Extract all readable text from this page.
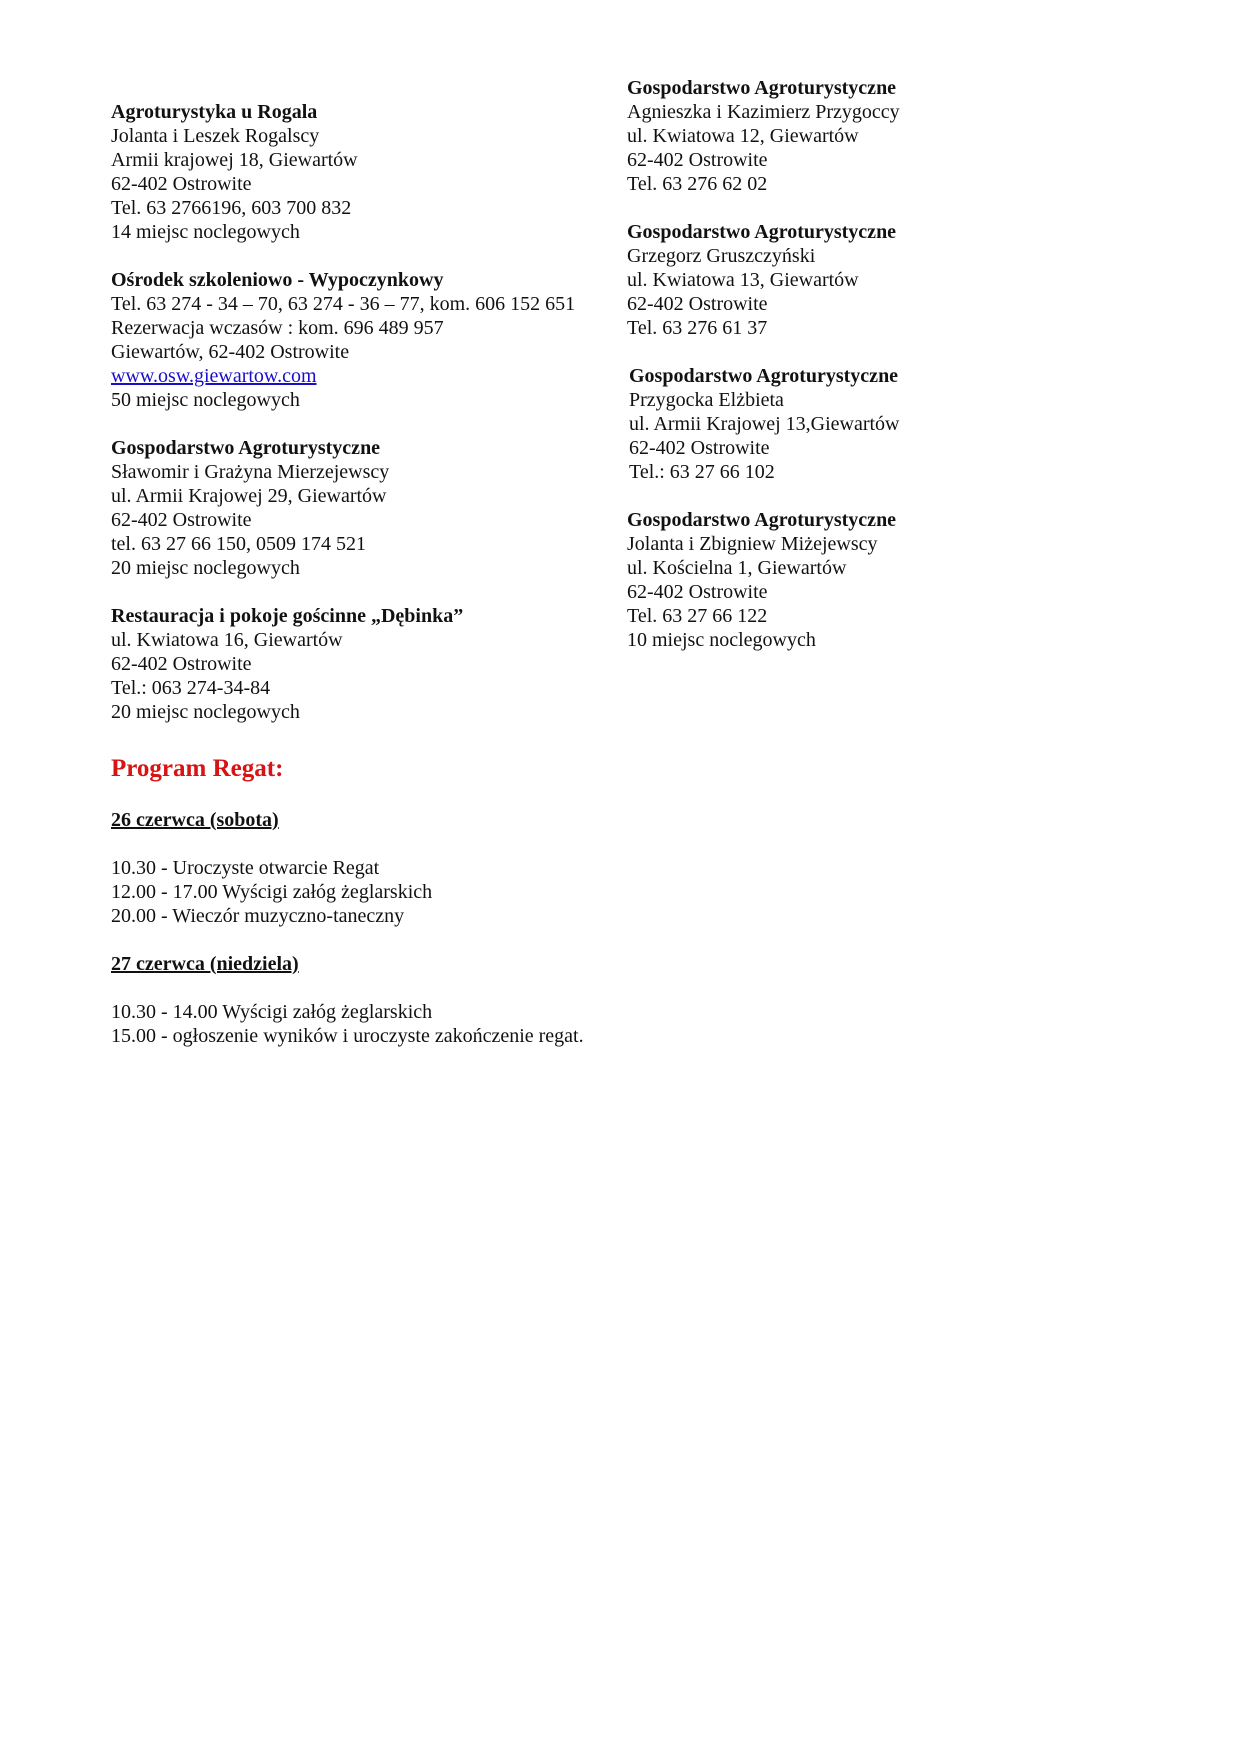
Agroturystyka u Rogala
Jolanta i Leszek Rogalscy
Armii krajowej 18, Giewartów
62-402 Ostrowite
Tel. 63 2766196, 603 700 832
14 miejsc noclegowych
Ośrodek szkoleniowo - Wypoczynkowy
Tel. 63 274 - 34 – 70, 63 274 - 36 – 77, kom. 606 152 651
Rezerwacja wczasów : kom. 696 489 957
Giewartów, 62-402 Ostrowite
www.osw.giewartow.com
50 miejsc noclegowych
Gospodarstwo Agroturystyczne
Sławomir i Grażyna Mierzejewscy
ul. Armii Krajowej 29, Giewartów
62-402 Ostrowite
tel. 63 27 66 150, 0509 174 521
20 miejsc noclegowych
Restauracja i pokoje gościnne „Dębinka”
ul. Kwiatowa 16, Giewartów
62-402 Ostrowite
Tel.: 063 274-34-84
20 miejsc noclegowych
Gospodarstwo Agroturystyczne
Agnieszka i Kazimierz Przygoccy
ul. Kwiatowa 12, Giewartów
62-402 Ostrowite
Tel. 63 276 62 02
Gospodarstwo Agroturystyczne
Grzegorz Gruszczyński
ul. Kwiatowa 13, Giewartów
62-402 Ostrowite
Tel. 63 276 61 37
Gospodarstwo Agroturystyczne
Przygocka Elżbieta
ul. Armii Krajowej 13,Giewartów
62-402 Ostrowite
Tel.: 63 27 66 102
Gospodarstwo Agroturystyczne
Jolanta i Zbigniew Miżejewscy
ul. Kościelna 1, Giewartów
62-402 Ostrowite
Tel. 63 27 66 122
10 miejsc noclegowych
Program Regat:
26 czerwca (sobota)
10.30 - Uroczyste otwarcie Regat
12.00 - 17.00 Wyścigi załóg żeglarskich
20.00 - Wieczór muzyczno-taneczny
27 czerwca (niedziela)
10.30 - 14.00 Wyścigi załóg żeglarskich
15.00 - ogłoszenie wyników i uroczyste zakończenie regat.
